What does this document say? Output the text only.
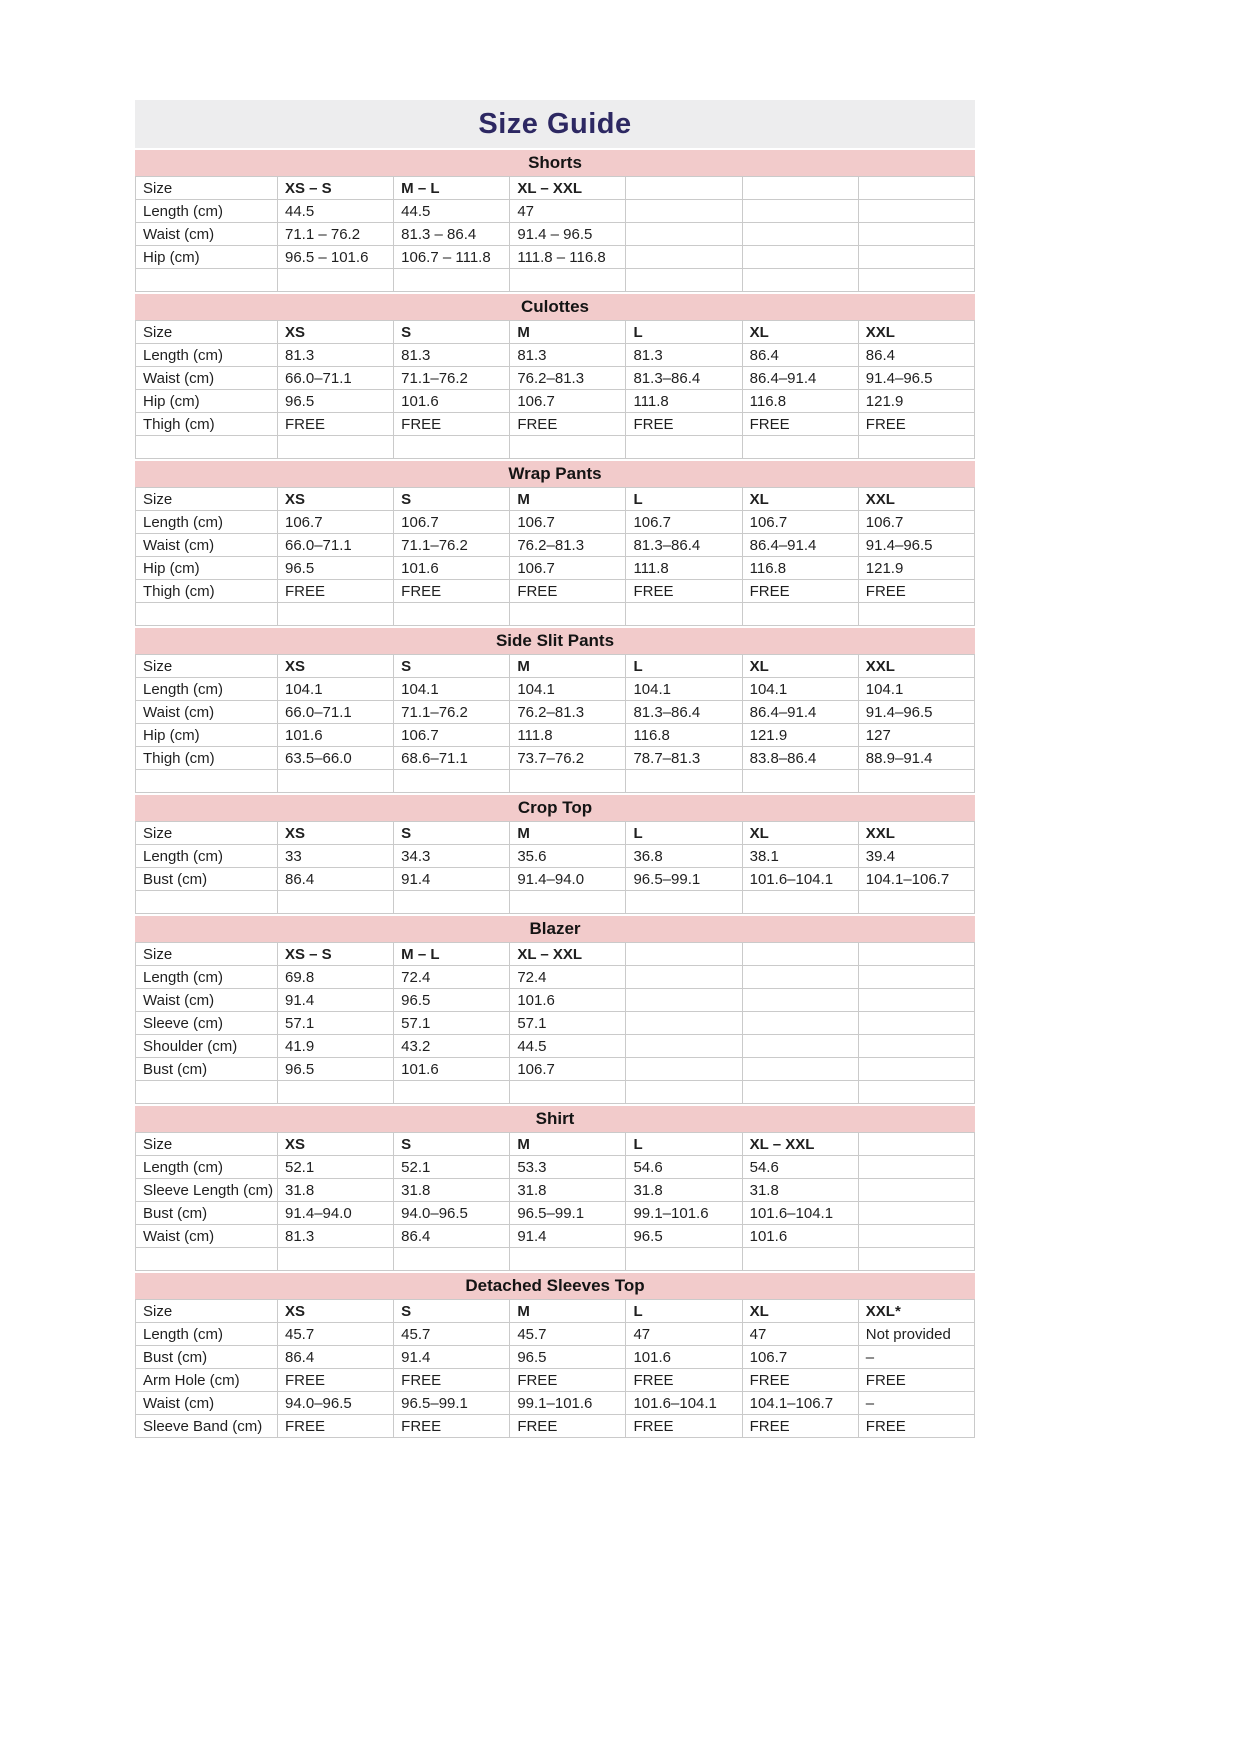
Size Guide
Shorts
Size	XS – S	M – L	XL – XXL			
Length (cm)	44.5	44.5	47			
Waist (cm)	71.1 – 76.2	81.3 – 86.4	91.4 – 96.5			
Hip (cm)	96.5 – 101.6	106.7 – 111.8	111.8 – 116.8			

Culottes
Size	XS	S	M	L	XL	XXL
Length (cm)	81.3	81.3	81.3	81.3	86.4	86.4
Waist (cm)	66.0–71.1	71.1–76.2	76.2–81.3	81.3–86.4	86.4–91.4	91.4–96.5
Hip (cm)	96.5	101.6	106.7	111.8	116.8	121.9
Thigh (cm)	FREE	FREE	FREE	FREE	FREE	FREE

Wrap Pants
Size	XS	S	M	L	XL	XXL
Length (cm)	106.7	106.7	106.7	106.7	106.7	106.7
Waist (cm)	66.0–71.1	71.1–76.2	76.2–81.3	81.3–86.4	86.4–91.4	91.4–96.5
Hip (cm)	96.5	101.6	106.7	111.8	116.8	121.9
Thigh (cm)	FREE	FREE	FREE	FREE	FREE	FREE

Side Slit Pants
Size	XS	S	M	L	XL	XXL
Length (cm)	104.1	104.1	104.1	104.1	104.1	104.1
Waist (cm)	66.0–71.1	71.1–76.2	76.2–81.3	81.3–86.4	86.4–91.4	91.4–96.5
Hip (cm)	101.6	106.7	111.8	116.8	121.9	127
Thigh (cm)	63.5–66.0	68.6–71.1	73.7–76.2	78.7–81.3	83.8–86.4	88.9–91.4

Crop Top
Size	XS	S	M	L	XL	XXL
Length (cm)	33	34.3	35.6	36.8	38.1	39.4
Bust (cm)	86.4	91.4	91.4–94.0	96.5–99.1	101.6–104.1	104.1–106.7

Blazer
Size	XS – S	M – L	XL – XXL			
Length (cm)	69.8	72.4	72.4			
Waist (cm)	91.4	96.5	101.6			
Sleeve (cm)	57.1	57.1	57.1			
Shoulder (cm)	41.9	43.2	44.5			
Bust (cm)	96.5	101.6	106.7			

Shirt
Size	XS	S	M	L	XL – XXL	
Length (cm)	52.1	52.1	53.3	54.6	54.6	
Sleeve Length (cm)	31.8	31.8	31.8	31.8	31.8	
Bust (cm)	91.4–94.0	94.0–96.5	96.5–99.1	99.1–101.6	101.6–104.1	
Waist (cm)	81.3	86.4	91.4	96.5	101.6	

Detached Sleeves Top
Size	XS	S	M	L	XL	XXL*
Length (cm)	45.7	45.7	45.7	47	47	Not provided
Bust (cm)	86.4	91.4	96.5	101.6	106.7	–
Arm Hole (cm)	FREE	FREE	FREE	FREE	FREE	FREE
Waist (cm)	94.0–96.5	96.5–99.1	99.1–101.6	101.6–104.1	104.1–106.7	–
Sleeve Band (cm)	FREE	FREE	FREE	FREE	FREE	FREE
